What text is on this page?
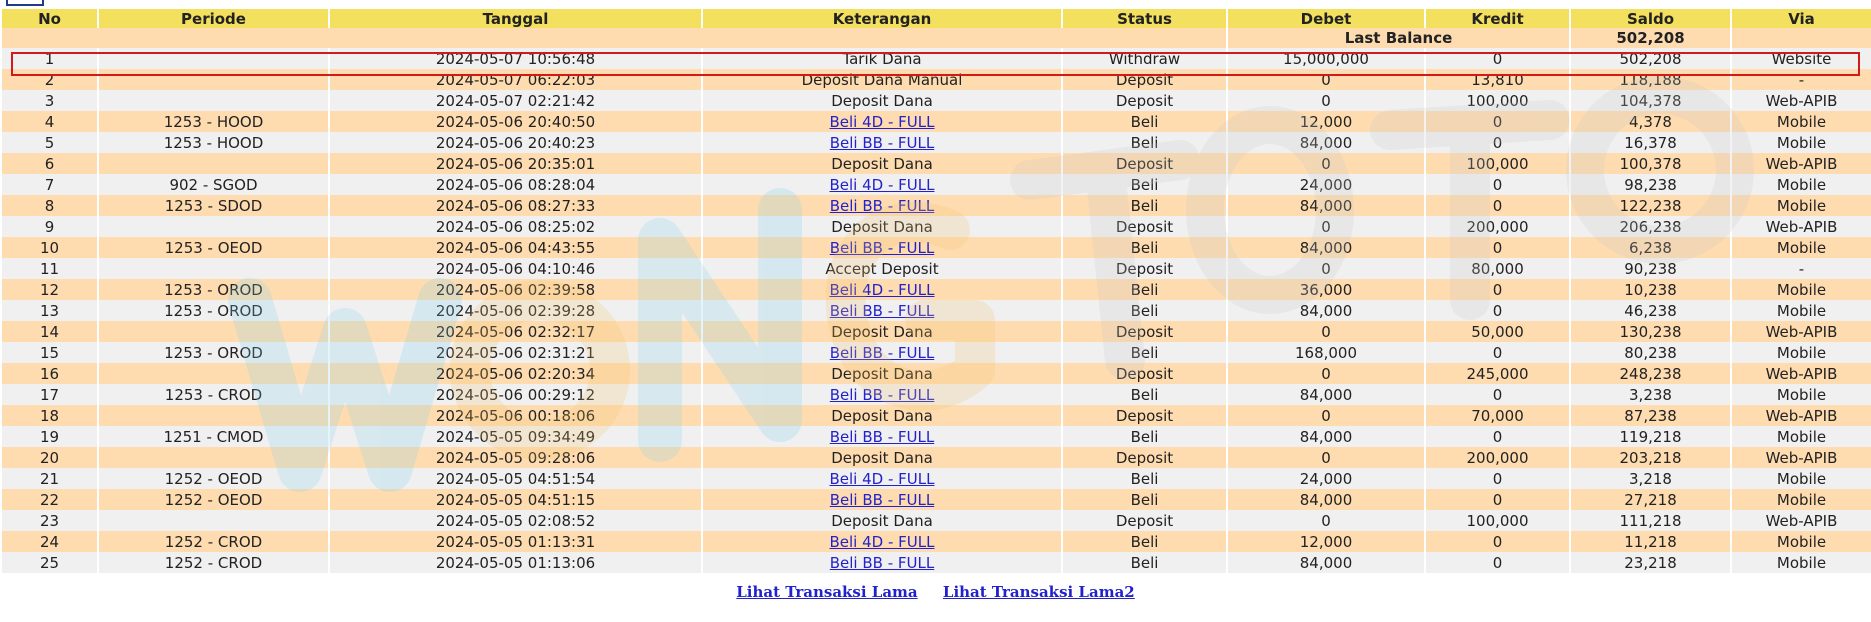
No	Periode	Tanggal	Keterangan	Status	Debet	Kredit	Saldo	Via
					Last Balance		502,208	
1		2024-05-07 10:56:48	Tarik Dana	Withdraw	15,000,000	0	502,208	Website
2		2024-05-07 06:22:03	Deposit Dana Manual	Deposit	0	13,810	118,188	-
3		2024-05-07 02:21:42	Deposit Dana	Deposit	0	100,000	104,378	Web-APIB
4	1253 - HOOD	2024-05-06 20:40:50	Beli 4D - FULL	Beli	12,000	0	4,378	Mobile
5	1253 - HOOD	2024-05-06 20:40:23	Beli BB - FULL	Beli	84,000	0	16,378	Mobile
6		2024-05-06 20:35:01	Deposit Dana	Deposit	0	100,000	100,378	Web-APIB
7	902 - SGOD	2024-05-06 08:28:04	Beli 4D - FULL	Beli	24,000	0	98,238	Mobile
8	1253 - SDOD	2024-05-06 08:27:33	Beli BB - FULL	Beli	84,000	0	122,238	Mobile
9		2024-05-06 08:25:02	Deposit Dana	Deposit	0	200,000	206,238	Web-APIB
10	1253 - OEOD	2024-05-06 04:43:55	Beli BB - FULL	Beli	84,000	0	6,238	Mobile
11		2024-05-06 04:10:46	Accept Deposit	Deposit	0	80,000	90,238	-
12	1253 - OROD	2024-05-06 02:39:58	Beli 4D - FULL	Beli	36,000	0	10,238	Mobile
13	1253 - OROD	2024-05-06 02:39:28	Beli BB - FULL	Beli	84,000	0	46,238	Mobile
14		2024-05-06 02:32:17	Deposit Dana	Deposit	0	50,000	130,238	Web-APIB
15	1253 - OROD	2024-05-06 02:31:21	Beli BB - FULL	Beli	168,000	0	80,238	Mobile
16		2024-05-06 02:20:34	Deposit Dana	Deposit	0	245,000	248,238	Web-APIB
17	1253 - CROD	2024-05-06 00:29:12	Beli BB - FULL	Beli	84,000	0	3,238	Mobile
18		2024-05-06 00:18:06	Deposit Dana	Deposit	0	70,000	87,238	Web-APIB
19	1251 - CMOD	2024-05-05 09:34:49	Beli BB - FULL	Beli	84,000	0	119,218	Mobile
20		2024-05-05 09:28:06	Deposit Dana	Deposit	0	200,000	203,218	Web-APIB
21	1252 - OEOD	2024-05-05 04:51:54	Beli 4D - FULL	Beli	24,000	0	3,218	Mobile
22	1252 - OEOD	2024-05-05 04:51:15	Beli BB - FULL	Beli	84,000	0	27,218	Mobile
23		2024-05-05 02:08:52	Deposit Dana	Deposit	0	100,000	111,218	Web-APIB
24	1252 - CROD	2024-05-05 01:13:31	Beli 4D - FULL	Beli	12,000	0	11,218	Mobile
25	1252 - CROD	2024-05-05 01:13:06	Beli BB - FULL	Beli	84,000	0	23,218	Mobile
Lihat Transaksi Lama Lihat Transaksi Lama2
